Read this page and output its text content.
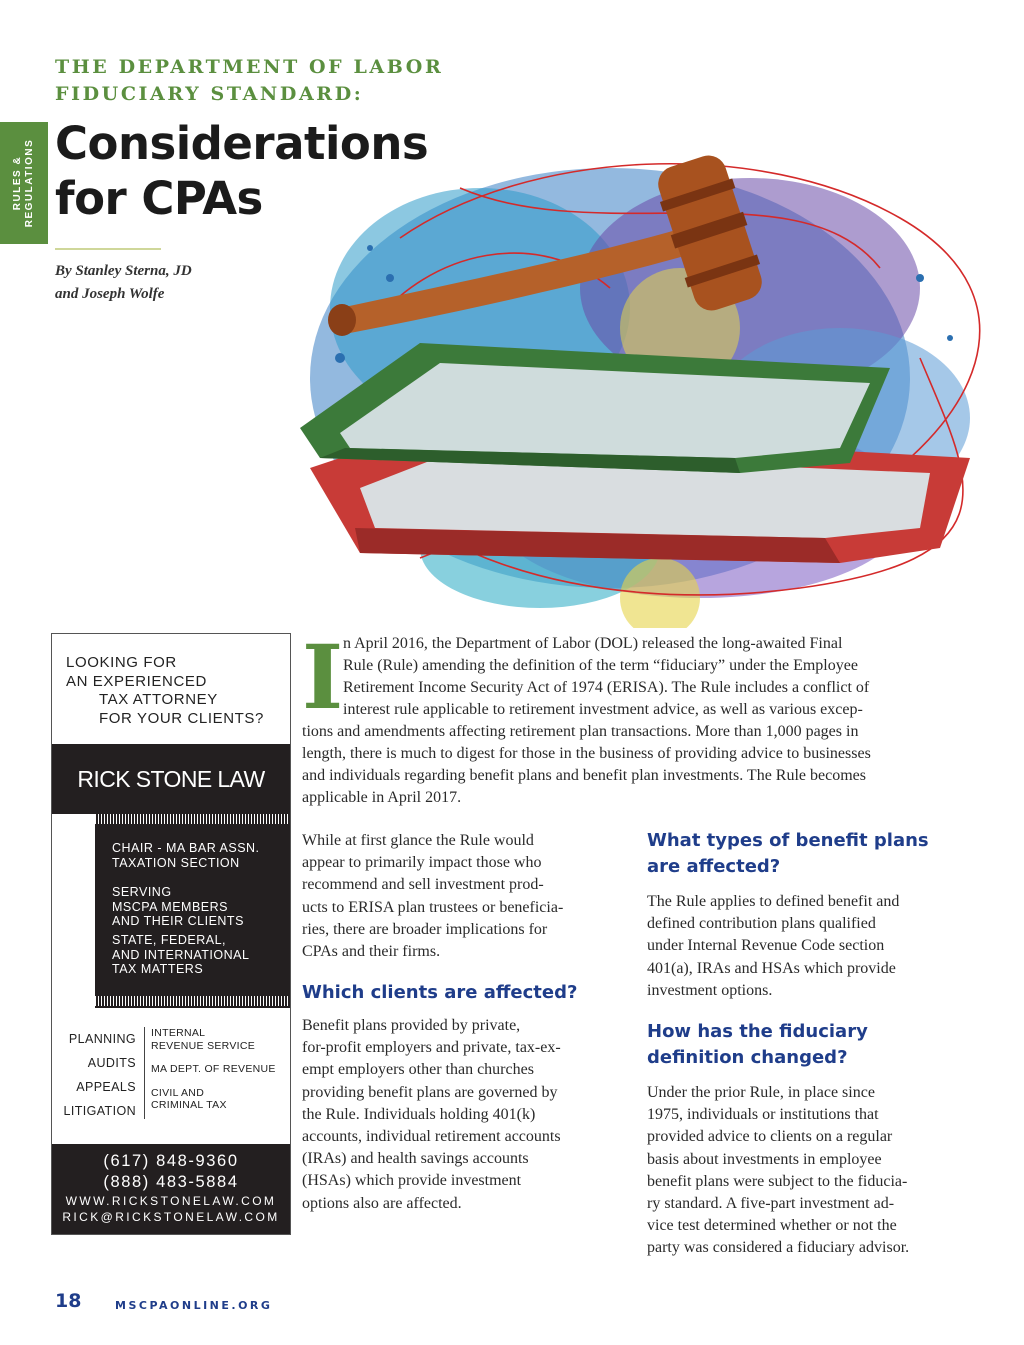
RULES & REGULATIONS
THE DEPARTMENT OF LABOR
FIDUCIARY STANDARD:
Considerations
for CPAs
By Stanley Sterna, JD
and Joseph Wolfe
LOOKING FOR
AN EXPERIENCED
TAX ATTORNEY
FOR YOUR CLIENTS?
RICK STONE LAW
CHAIR - MA BAR ASSN.
TAXATION SECTION
SERVING
MSCPA MEMBERS
AND THEIR CLIENTS
STATE, FEDERAL,
AND INTERNATIONAL
TAX MATTERS
PLANNING
AUDITS
APPEALS
LITIGATION
INTERNAL
REVENUE SERVICE
MA DEPT. OF REVENUE
CIVIL AND
CRIMINAL TAX
(617) 848-9360
(888) 483-5884
WWW.RICKSTONELAW.COM
RICK@RICKSTONELAW.COM
I n April 2016, the Department of Labor (DOL) released the long-awaited Final
Rule (Rule) amending the definition of the term “fiduciary” under the Employee
Retirement Income Security Act of 1974 (ERISA). The Rule includes a conflict of
interest rule applicable to retirement investment advice, as well as various excep-
tions and amendments affecting retirement plan transactions. More than 1,000 pages in
length, there is much to digest for those in the business of providing advice to businesses
and individuals regarding benefit plans and benefit plan investments. The Rule becomes
applicable in April 2017.
While at first glance the Rule would
appear to primarily impact those who
recommend and sell investment prod-
ucts to ERISA plan trustees or beneficia-
ries, there are broader implications for
CPAs and their firms.
Which clients are affected?
Benefit plans provided by private,
for-profit employers and private, tax-ex-
empt employers other than churches
providing benefit plans are governed by
the Rule. Individuals holding 401(k)
accounts, individual retirement accounts
(IRAs) and health savings accounts
(HSAs) which provide investment
options also are affected.
What types of benefit plans
are affected?
The Rule applies to defined benefit and
defined contribution plans qualified
under Internal Revenue Code section
401(a), IRAs and HSAs which provide
investment options.
How has the fiduciary
definition changed?
Under the prior Rule, in place since
1975, individuals or institutions that
provided advice to clients on a regular
basis about investments in employee
benefit plans were subject to the fiducia-
ry standard. A five-part investment ad-
vice test determined whether or not the
party was considered a fiduciary advisor.
18	MSCPAONLINE.ORG
